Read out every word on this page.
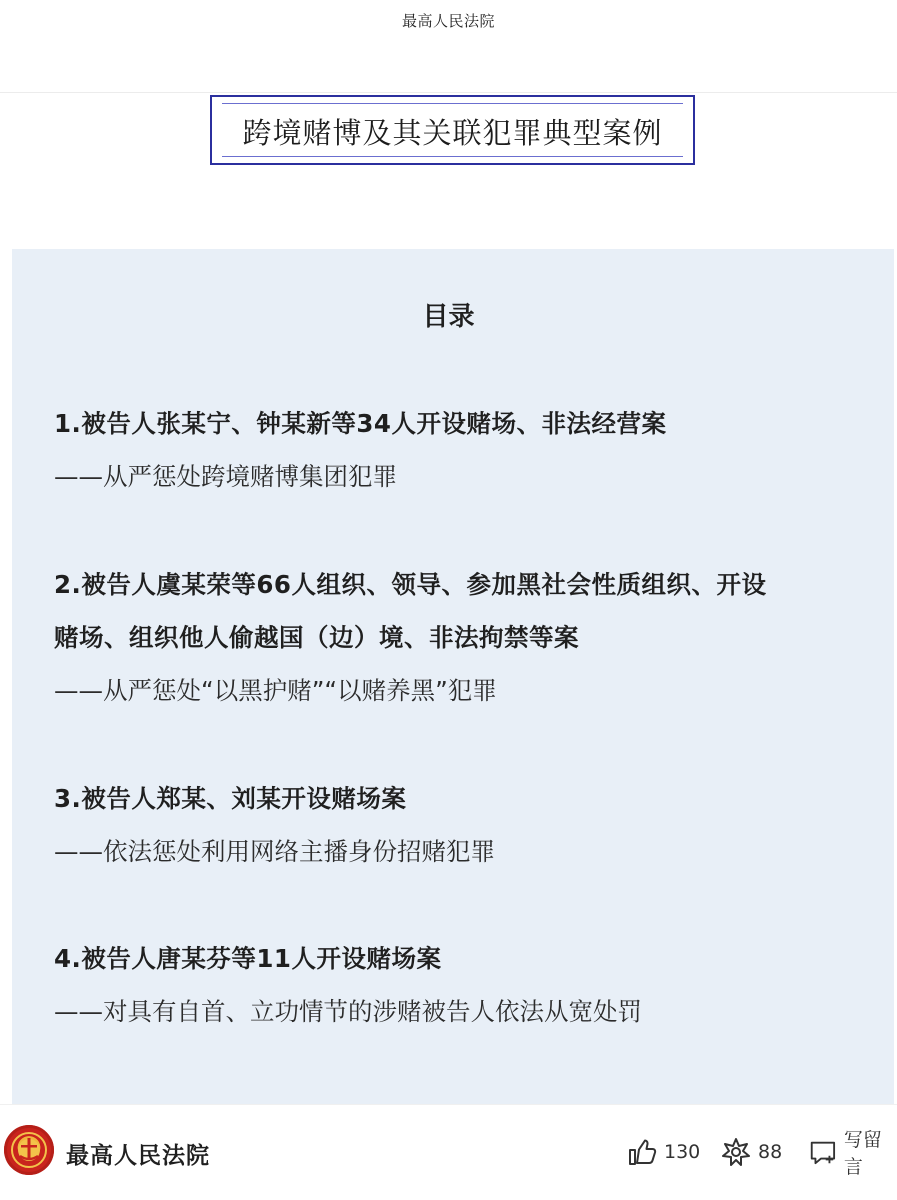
最高人民法院
跨境赌博及其关联犯罪典型案例
目录
1.被告人张某宁、钟某新等34人开设赌场、非法经营案
——从严惩处跨境赌博集团犯罪
2.被告人虞某荣等66人组织、领导、参加黑社会性质组织、开设
赌场、组织他人偷越国（边）境、非法拘禁等案
——从严惩处“以黑护赌”“以赌养黑”犯罪
3.被告人郑某、刘某开设赌场案
——依法惩处利用网络主播身份招赌犯罪
4.被告人唐某芬等11人开设赌场案
——对具有自首、立功情节的涉赌被告人依法从宽处罚
最高人民法院	130	88
写留言
